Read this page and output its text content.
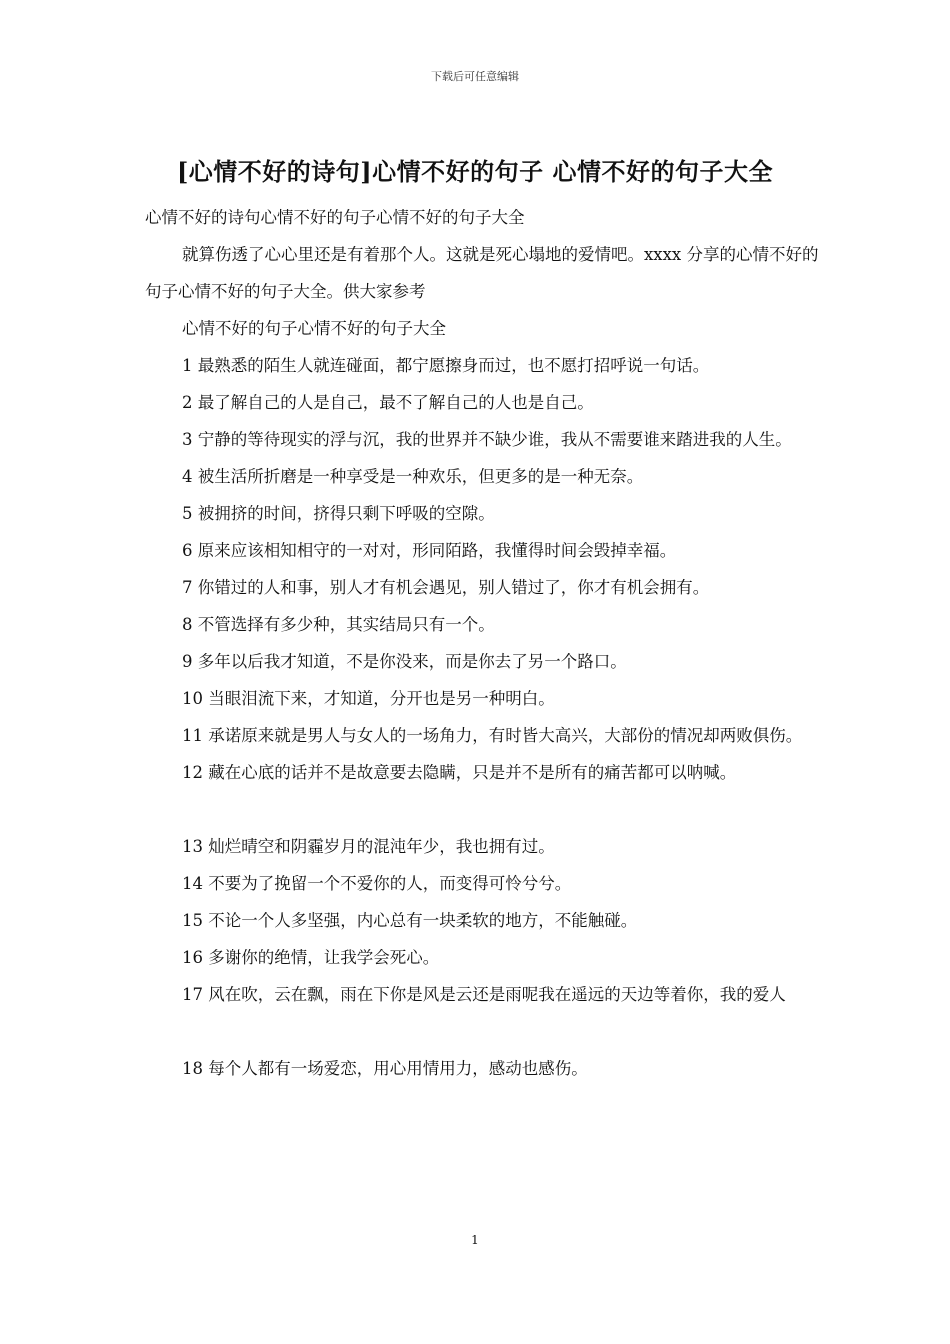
下载后可任意编辑
[心情不好的诗句]心情不好的句子 心情不好的句子大全

心情不好的诗句心情不好的句子心情不好的句子大全

就算伤透了心心里还是有着那个人。这就是死心塌地的爱情吧。xxxx 分享的心情不好的句子心情不好的句子大全。供大家参考

心情不好的句子心情不好的句子大全

1 最熟悉的陌生人就连碰面，都宁愿擦身而过，也不愿打招呼说一句话。

2 最了解自己的人是自己，最不了解自己的人也是自己。

3 宁静的等待现实的浮与沉，我的世界并不缺少谁，我从不需要谁来踏进我的人生。

4 被生活所折磨是一种享受是一种欢乐，但更多的是一种无奈。

5 被拥挤的时间，挤得只剩下呼吸的空隙。

6 原来应该相知相守的一对对，形同陌路，我懂得时间会毁掉幸福。

7 你错过的人和事，别人才有机会遇见，别人错过了，你才有机会拥有。

8 不管选择有多少种，其实结局只有一个。

9 多年以后我才知道，不是你没来，而是你去了另一个路口。

10 当眼泪流下来，才知道，分开也是另一种明白。

11 承诺原来就是男人与女人的一场角力，有时皆大高兴，大部份的情况却两败俱伤。

12 藏在心底的话并不是故意要去隐瞒，只是并不是所有的痛苦都可以呐喊。

13 灿烂晴空和阴霾岁月的混沌年少，我也拥有过。

14 不要为了挽留一个不爱你的人，而变得可怜兮兮。

15 不论一个人多坚强，内心总有一块柔软的地方，不能触碰。

16 多谢你的绝情，让我学会死心。

17 风在吹，云在飘，雨在下你是风是云还是雨呢我在遥远的天边等着你，我的爱人

18 每个人都有一场爱恋，用心用情用力，感动也感伤。

1
